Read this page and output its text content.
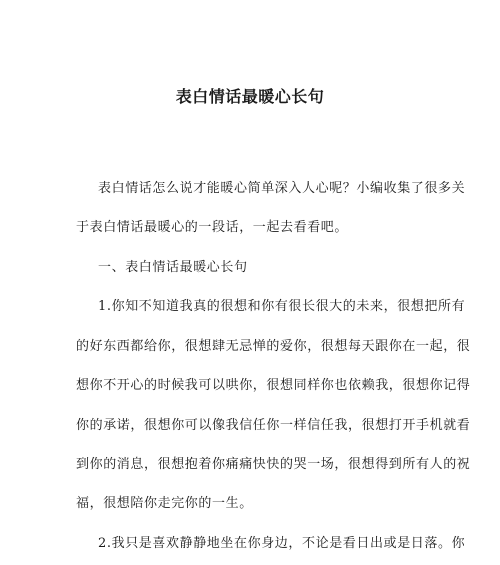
表白情话最暖心长句
表白情话怎么说才能暖心简单深入人心呢？小编收集了很多关
于表白情话最暖心的一段话，一起去看看吧。
一、表白情话最暖心长句
1.你知不知道我真的很想和你有很长很大的未来，很想把所有
的好东西都给你，很想肆无忌惮的爱你，很想每天跟你在一起，很
想你不开心的时候我可以哄你，很想同样你也依赖我，很想你记得
你的承诺，很想你可以像我信任你一样信任我，很想打开手机就看
到你的消息，很想抱着你痛痛快快的哭一场，很想得到所有人的祝
福，很想陪你走完你的一生。
2.我只是喜欢静静地坐在你身边，不论是看日出或是日落。你
